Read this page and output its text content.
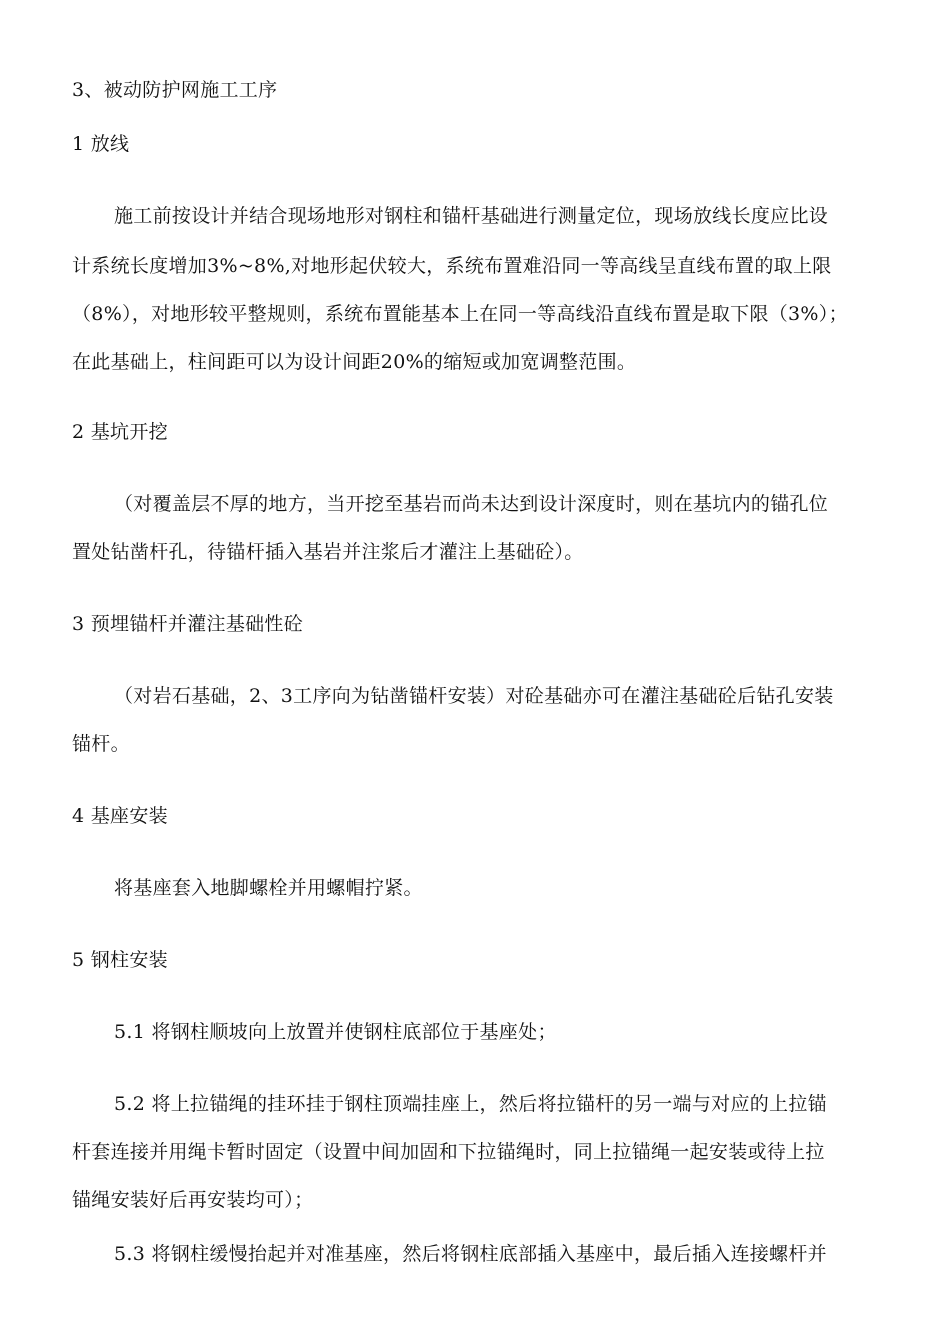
3、被动防护网施工工序
1 放线
施工前按设计并结合现场地形对钢柱和锚杆基础进行测量定位，现场放线长度应比设
计系统长度增加3%~8%,对地形起伏较大，系统布置难沿同一等高线呈直线布置的取上限
（8%），对地形较平整规则，系统布置能基本上在同一等高线沿直线布置是取下限（3%）；
在此基础上，柱间距可以为设计间距20%的缩短或加宽调整范围。
2 基坑开挖
（对覆盖层不厚的地方，当开挖至基岩而尚未达到设计深度时，则在基坑内的锚孔位
置处钻凿杆孔，待锚杆插入基岩并注浆后才灌注上基础砼）。
3 预埋锚杆并灌注基础性砼
（对岩石基础，2、3工序向为钻凿锚杆安装）对砼基础亦可在灌注基础砼后钻孔安装
锚杆。
4 基座安装
将基座套入地脚螺栓并用螺帽拧紧。
5 钢柱安装
5.1 将钢柱顺坡向上放置并使钢柱底部位于基座处；
5.2 将上拉锚绳的挂环挂于钢柱顶端挂座上，然后将拉锚杆的另一端与对应的上拉锚
杆套连接并用绳卡暂时固定（设置中间加固和下拉锚绳时，同上拉锚绳一起安装或待上拉
锚绳安装好后再安装均可）；
5.3 将钢柱缓慢抬起并对准基座，然后将钢柱底部插入基座中，最后插入连接螺杆并
